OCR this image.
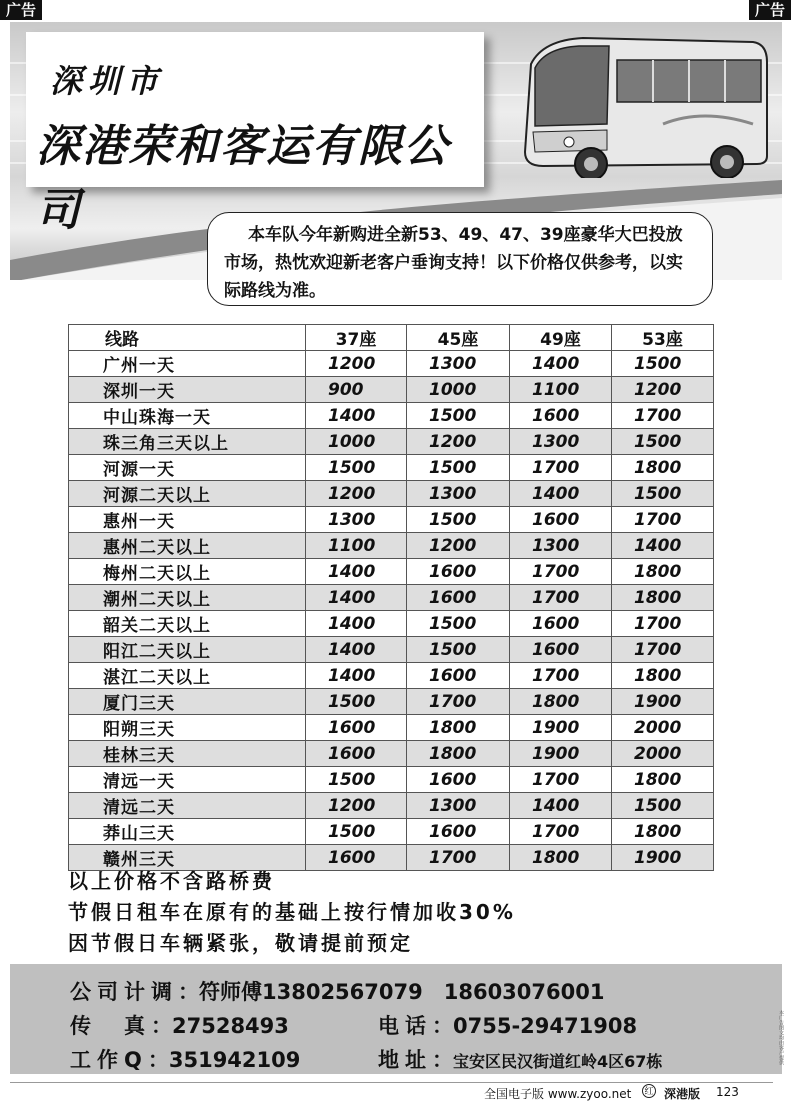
广告	广告
深圳市
深港荣和客运有限公司	本车队今年新购进全新53、49、47、39座豪华大巴投放市场，热忱欢迎新老客户垂询支持！以下价格仅供参考，以实际路线为准。

线路	37座	45座	49座	53座
广州一天	1200	1300	1400	1500
深圳一天	900	1000	1100	1200
中山珠海一天	1400	1500	1600	1700
珠三角三天以上	1000	1200	1300	1500
河源一天	1500	1500	1700	1800
河源二天以上	1200	1300	1400	1500
惠州一天	1300	1500	1600	1700
惠州二天以上	1100	1200	1300	1400
梅州二天以上	1400	1600	1700	1800
潮州二天以上	1400	1600	1700	1800
韶关二天以上	1400	1500	1600	1700
阳江二天以上	1400	1500	1600	1700
湛江二天以上	1400	1600	1700	1800
厦门三天	1500	1700	1800	1900
阳朔三天	1600	1800	1900	2000
桂林三天	1600	1800	1900	2000
清远一天	1500	1600	1700	1800
清远二天	1200	1300	1400	1500
莽山三天	1500	1600	1700	1800
赣州三天	1600	1700	1800	1900
以上价格不含路桥费
节假日租车在原有的基础上按行情加收30%
因节假日车辆紧张，敬请提前预定
公司计调：符师傅13802567079　18603076001
传　真：27528493	电话：0755-29471908
工作Q：351942109	地址：宝安区民汉街道红岭4区67栋
全国电子版 www.zyoo.net 红 深港版 123
本广告图文均由客户提供
